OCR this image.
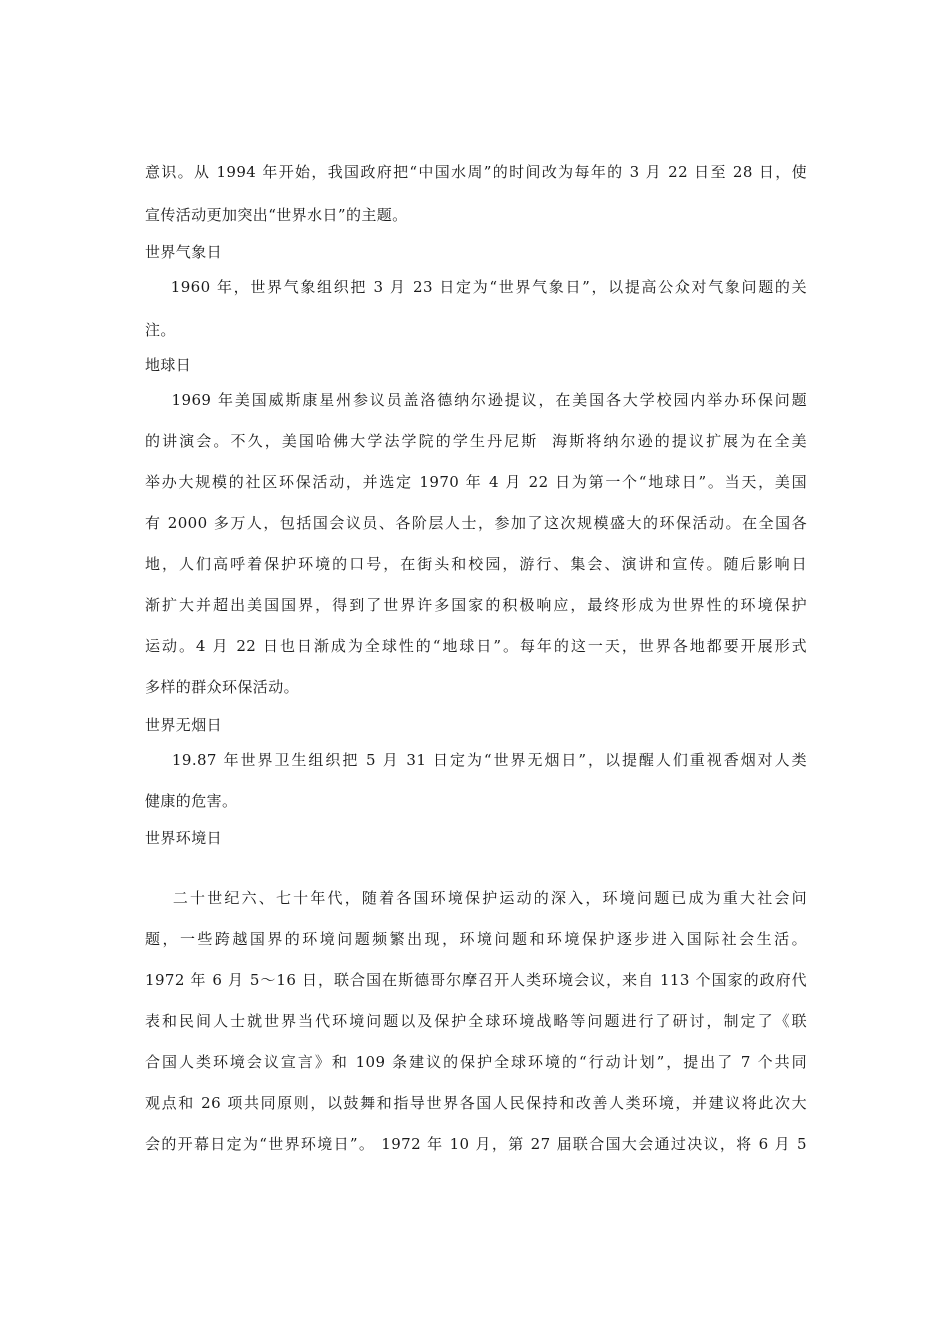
意识。从 1994 年开始，我国政府把“中国水周”的时间改为每年的 3 月 22 日至 28 日，使
宣传活动更加突出“世界水日”的主题。
世界气象日
1960 年，世界气象组织把 3 月 23 日定为“世界气象日”，以提高公众对气象问题的关
注。
地球日
1969 年美国威斯康星州参议员盖洛德纳尔逊提议，在美国各大学校园内举办环保问题
的讲演会。不久，美国哈佛大学法学院的学生丹尼斯  海斯将纳尔逊的提议扩展为在全美
举办大规模的社区环保活动，并选定 1970 年 4 月 22 日为第一个“地球日”。当天，美国
有 2000 多万人，包括国会议员、各阶层人士，参加了这次规模盛大的环保活动。在全国各
地，人们高呼着保护环境的口号，在街头和校园，游行、集会、演讲和宣传。随后影响日
渐扩大并超出美国国界，得到了世界许多国家的积极响应，最终形成为世界性的环境保护
运动。4 月 22 日也日渐成为全球性的“地球日”。每年的这一天，世界各地都要开展形式
多样的群众环保活动。
世界无烟日
19.87 年世界卫生组织把 5 月 31 日定为“世界无烟日”，以提醒人们重视香烟对人类
健康的危害。
世界环境日
二十世纪六、七十年代，随着各国环境保护运动的深入，环境问题已成为重大社会问
题，一些跨越国界的环境问题频繁出现，环境问题和环境保护逐步进入国际社会生活。
1972 年 6 月 5～16 日，联合国在斯德哥尔摩召开人类环境会议，来自 113 个国家的政府代
表和民间人士就世界当代环境问题以及保护全球环境战略等问题进行了研讨，制定了《联
合国人类环境会议宣言》和 109 条建议的保护全球环境的“行动计划”，提出了 7 个共同
观点和 26 项共同原则，以鼓舞和指导世界各国人民保持和改善人类环境，并建议将此次大
会的开幕日定为“世界环境日”。 1972 年 10 月，第 27 届联合国大会通过决议，将 6 月 5
